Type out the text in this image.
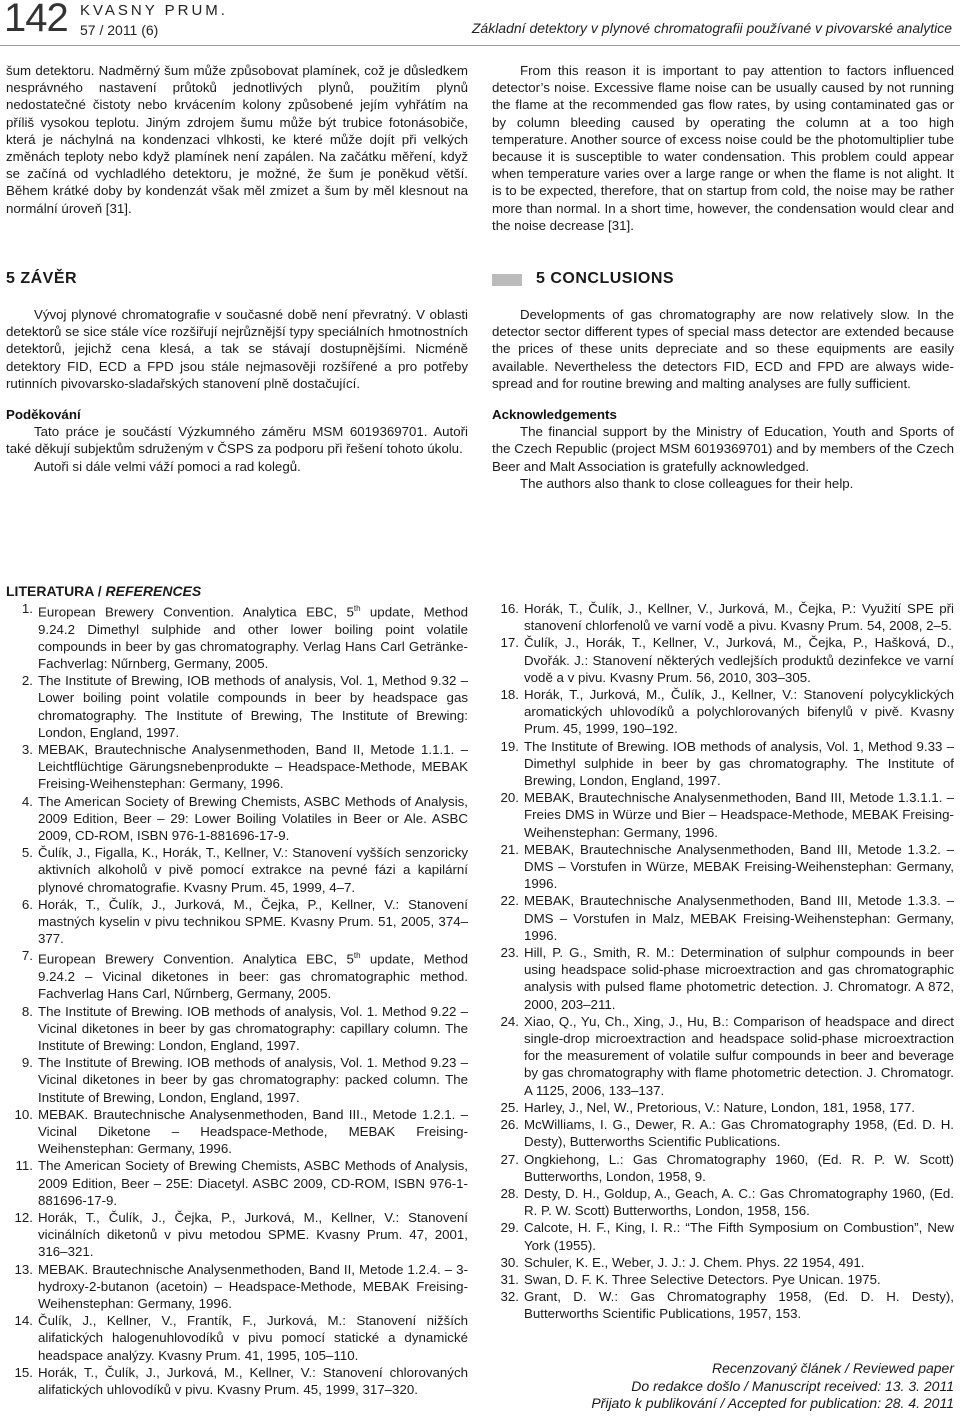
142 KVASNY PRUM.
57 / 2011 (6)	Základní detektory v plynové chromatografii používané v pivovarské analytice

šum detektoru. Nadměrný šum může způsobovat plamínek, což je důsledkem nesprávného nastavení průtoků jednotlivých plynů, použitím plynů nedostatečné čistoty nebo krvácením kolony způsobené jejím vyhřátím na příliš vysokou teplotu. Jiným zdrojem šumu může být trubice fotonásobiče, která je náchylná na kondenzaci vlhkosti, ke které může dojít při velkých změnách teploty nebo když plamínek není zapálen. Na začátku měření, když se začíná od vychladlého detektoru, je možné, že šum je poněkud větší. Během krátké doby by kondenzát však měl zmizet a šum by měl klesnout na normální úroveň [31].

From this reason it is important to pay attention to factors influenced detector’s noise. Excessive flame noise can be usually caused by not running the flame at the recommended gas flow rates, by using contaminated gas or by column bleeding caused by operating the column at a too high temperature. Another source of excess noise could be the photomultiplier tube because it is susceptible to water condensation. This problem could appear when temperature varies over a large range or when the flame is not alight. It is to be expected, therefore, that on startup from cold, the noise may be rather more than normal. In a short time, however, the condensation would clear and the noise decrease [31].

5 ZÁVĚR	5 CONCLUSIONS

Vývoj plynové chromatografie v současné době není převratný. V oblasti detektorů se sice stále více rozšiřují nejrůznější typy speciálních hmotnostních detektorů, jejichž cena klesá, a tak se stávají dostupnějšími. Nicméně detektory FID, ECD a FPD jsou stále nejmasověji rozšířené a pro potřeby rutinních pivovarsko-sladařských stanovení plně dostačující.

Poděkování

Tato práce je součástí Výzkumného záměru MSM 6019369701. Autoři také děkují subjektům sdruženým v ČSPS za podporu při řešení tohoto úkolu.

Autoři si dále velmi váží pomoci a rad kolegů.

Developments of gas chromatography are now relatively slow. In the detector sector different types of special mass detector are extended because the prices of these units depreciate and so these equipments are easily available. Nevertheless the detectors FID, ECD and FPD are always wide-spread and for routine brewing and malting analyses are fully sufficient.

Acknowledgements

The financial support by the Ministry of Education, Youth and Sports of the Czech Republic (project MSM 6019369701) and by members of the Czech Beer and Malt Association is gratefully acknowledged.

The authors also thank to close colleagues for their help.

LITERATURA / REFERENCES
1. European Brewery Convention. Analytica EBC, 5th update, Method 9.24.2 Dimethyl sulphide and other lower boiling point volatile compounds in beer by gas chromatography. Verlag Hans Carl Getränke-Fachverlag: Nűrnberg, Germany, 2005.
2. The Institute of Brewing, IOB methods of analysis, Vol. 1, Method 9.32 – Lower boiling point volatile compounds in beer by headspace gas chromatography. The Institute of Brewing, The Institute of Brewing: London, England, 1997.
3. MEBAK, Brautechnische Analysenmethoden, Band II, Metode 1.1.1. – Leichtflüchtige Gärungsnebenprodukte – Headspace-Methode, MEBAK Freising-Weihenstephan: Germany, 1996.
4. The American Society of Brewing Chemists, ASBC Methods of Analysis, 2009 Edition, Beer – 29: Lower Boiling Volatiles in Beer or Ale. ASBC 2009, CD-ROM, ISBN 976-1-881696-17-9.
5. Čulík, J., Figalla, K., Horák, T., Kellner, V.: Stanovení vyšších senzoricky aktivních alkoholů v pivě pomocí extrakce na pevné fázi a kapilární plynové chromatografie. Kvasny Prum. 45, 1999, 4–7.
6. Horák, T., Čulík, J., Jurková, M., Čejka, P., Kellner, V.: Stanovení mastných kyselin v pivu technikou SPME. Kvasny Prum. 51, 2005, 374–377.
7. European Brewery Convention. Analytica EBC, 5th update, Method 9.24.2 – Vicinal diketones in beer: gas chromatographic method. Fachverlag Hans Carl, Nűrnberg, Germany, 2005.
8. The Institute of Brewing. IOB methods of analysis, Vol. 1. Method 9.22 – Vicinal diketones in beer by gas chromatography: capillary column. The Institute of Brewing: London, England, 1997.
9. The Institute of Brewing. IOB methods of analysis, Vol. 1. Method 9.23 – Vicinal diketones in beer by gas chromatography: packed column. The Institute of Brewing, London, England, 1997.
10. MEBAK. Brautechnische Analysenmethoden, Band III., Metode 1.2.1. – Vicinal Diketone – Headspace-Methode, MEBAK Freising-Weihenstephan: Germany, 1996.
11. The American Society of Brewing Chemists, ASBC Methods of Analysis, 2009 Edition, Beer – 25E: Diacetyl. ASBC 2009, CD-ROM, ISBN 976-1-881696-17-9.
12. Horák, T., Čulík, J., Čejka, P., Jurková, M., Kellner, V.: Stanovení vicinálních diketonů v pivu metodou SPME. Kvasny Prum. 47, 2001, 316–321.
13. MEBAK. Brautechnische Analysenmethoden, Band II, Metode 1.2.4. – 3-hydroxy-2-butanon (acetoin) – Headspace-Methode, MEBAK Freising-Weihenstephan: Germany, 1996.
14. Čulík, J., Kellner, V., Frantík, F., Jurková, M.: Stanovení nižších alifatických halogenuhlovodíků v pivu pomocí statické a dynamické headspace analýzy. Kvasny Prum. 41, 1995, 105–110.
15. Horák, T., Čulík, J., Jurková, M., Kellner, V.: Stanovení chlorovaných alifatických uhlovodíků v pivu. Kvasny Prum. 45, 1999, 317–320.
16. Horák, T., Čulík, J., Kellner, V., Jurková, M., Čejka, P.: Využití SPE při stanovení chlorfenolů ve varní vodě a pivu. Kvasny Prum. 54, 2008, 2–5.
17. Čulík, J., Horák, T., Kellner, V., Jurková, M., Čejka, P., Hašková, D., Dvořák. J.: Stanovení některých vedlejších produktů dezinfekce ve varní vodě a v pivu. Kvasny Prum. 56, 2010, 303–305.
18. Horák, T., Jurková, M., Čulík, J., Kellner, V.: Stanovení polycyklických aromatických uhlovodíků a polychlorovaných bifenylů v pivě. Kvasny Prum. 45, 1999, 190–192.
19. The Institute of Brewing. IOB methods of analysis, Vol. 1, Method 9.33 – Dimethyl sulphide in beer by gas chromatography. The Institute of Brewing, London, England, 1997.
20. MEBAK, Brautechnische Analysenmethoden, Band III, Metode 1.3.1.1. – Freies DMS in Würze und Bier – Headspace-Methode, MEBAK Freising-Weihenstephan: Germany, 1996.
21. MEBAK, Brautechnische Analysenmethoden, Band III, Metode 1.3.2. – DMS – Vorstufen in Würze, MEBAK Freising-Weihenstephan: Germany, 1996.
22. MEBAK, Brautechnische Analysenmethoden, Band III, Metode 1.3.3. – DMS – Vorstufen in Malz, MEBAK Freising-Weihenstephan: Germany, 1996.
23. Hill, P. G., Smith, R. M.: Determination of sulphur compounds in beer using headspace solid-phase microextraction and gas chromatographic analysis with pulsed flame photometric detection. J. Chromatogr. A 872, 2000, 203–211.
24. Xiao, Q., Yu, Ch., Xing, J., Hu, B.: Comparison of headspace and direct single-drop microextraction and headspace solid-phase microextraction for the measurement of volatile sulfur compounds in beer and beverage by gas chromatography with flame photometric detection. J. Chromatogr. A 1125, 2006, 133–137.
25. Harley, J., Nel, W., Pretorious, V.: Nature, London, 181, 1958, 177.
26. McWilliams, I. G., Dewer, R. A.: Gas Chromatography 1958, (Ed. D. H. Desty), Butterworths Scientific Publications.
27. Ongkiehong, L.: Gas Chromatography 1960, (Ed. R. P. W. Scott) Butterworths, London, 1958, 9.
28. Desty, D. H., Goldup, A., Geach, A. C.: Gas Chromatography 1960, (Ed. R. P. W. Scott) Butterworths, London, 1958, 156.
29. Calcote, H. F., King, I. R.: “The Fifth Symposium on Combustion”, New York (1955).
30. Schuler, K. E., Weber, J. J.: J. Chem. Phys. 22 1954, 491.
31. Swan, D. F. K. Three Selective Detectors. Pye Unican. 1975.
32. Grant, D. W.: Gas Chromatography 1958, (Ed. D. H. Desty), Butterworths Scientific Publications, 1957, 153.
Recenzovaný článek / Reviewed paper
Do redakce došlo / Manuscript received: 13. 3. 2011
Přijato k publikování / Accepted for publication: 28. 4. 2011
